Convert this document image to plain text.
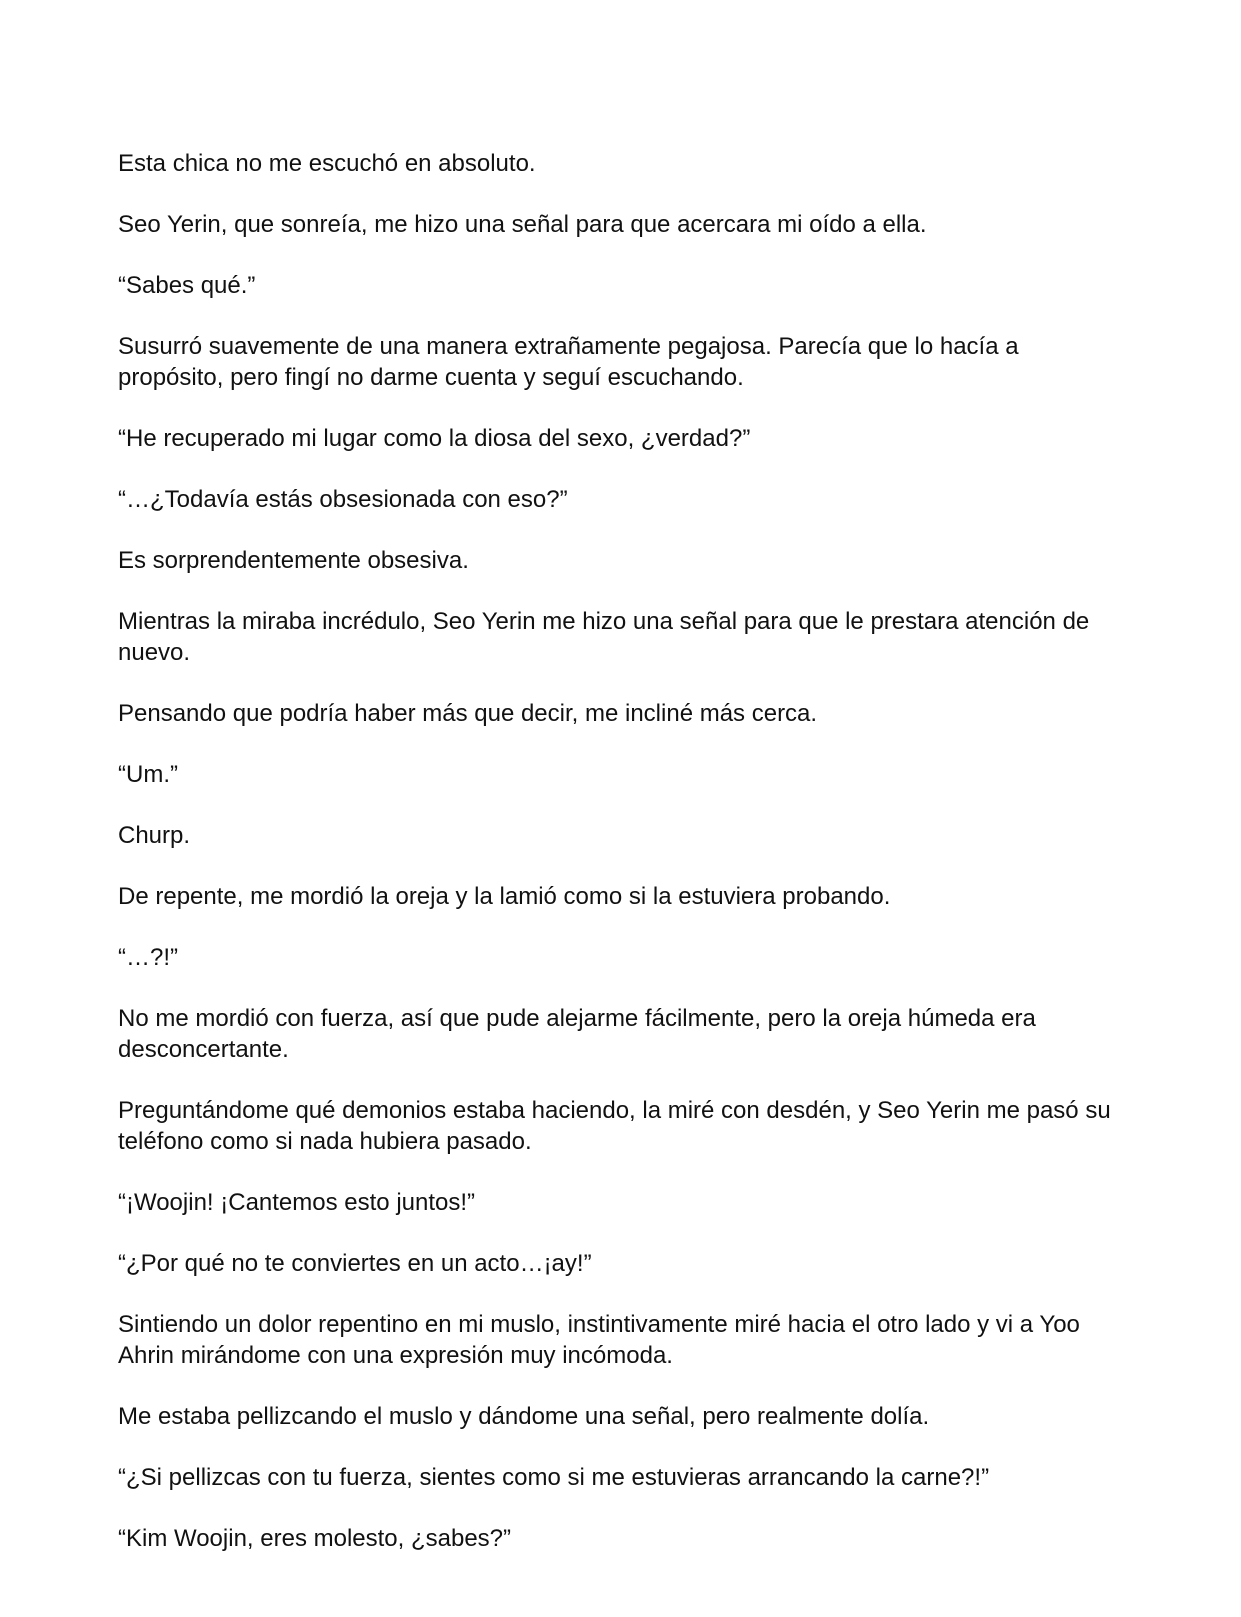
Esta chica no me escuchó en absoluto.

Seo Yerin, que sonreía, me hizo una señal para que acercara mi oído a ella.

“Sabes qué.”

Susurró suavemente de una manera extrañamente pegajosa. Parecía que lo hacía a propósito, pero fingí no darme cuenta y seguí escuchando.

“He recuperado mi lugar como la diosa del sexo, ¿verdad?”

“…¿Todavía estás obsesionada con eso?”

Es sorprendentemente obsesiva.

Mientras la miraba incrédulo, Seo Yerin me hizo una señal para que le prestara atención de nuevo.

Pensando que podría haber más que decir, me incliné más cerca.

“Um.”

Churp.

De repente, me mordió la oreja y la lamió como si la estuviera probando.

“…?!”

No me mordió con fuerza, así que pude alejarme fácilmente, pero la oreja húmeda era desconcertante.

Preguntándome qué demonios estaba haciendo, la miré con desdén, y Seo Yerin me pasó su teléfono como si nada hubiera pasado.

“¡Woojin! ¡Cantemos esto juntos!”

“¿Por qué no te conviertes en un acto…¡ay!”

Sintiendo un dolor repentino en mi muslo, instintivamente miré hacia el otro lado y vi a Yoo Ahrin mirándome con una expresión muy incómoda.

Me estaba pellizcando el muslo y dándome una señal, pero realmente dolía.

“¿Si pellizcas con tu fuerza, sientes como si me estuvieras arrancando la carne?!”

“Kim Woojin, eres molesto, ¿sabes?”
